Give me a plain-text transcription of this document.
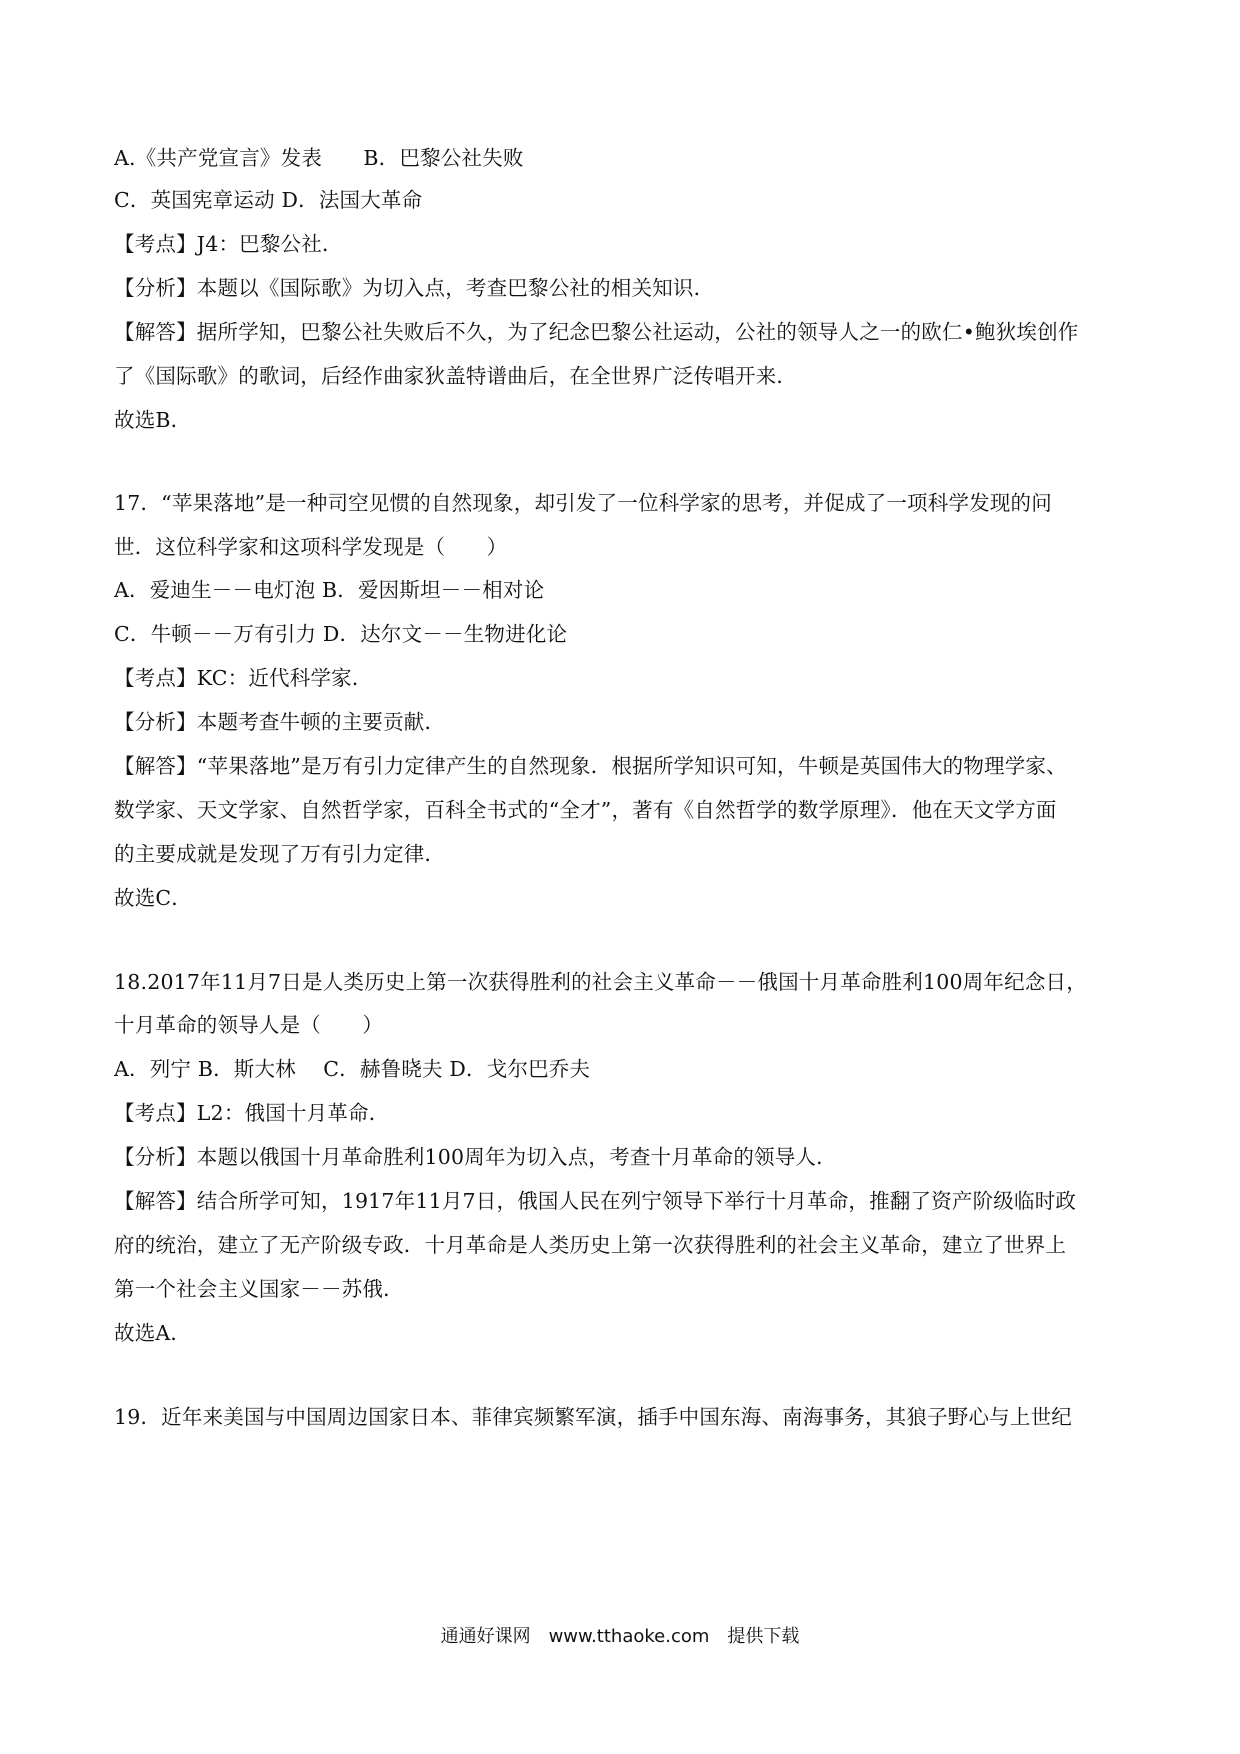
A.《共产党宣言》发表　　B．巴黎公社失败
C．英国宪章运动 D．法国大革命
【考点】J4：巴黎公社．
【分析】本题以《国际歌》为切入点，考查巴黎公社的相关知识．
【解答】据所学知，巴黎公社失败后不久，为了纪念巴黎公社运动，公社的领导人之一的欧仁•鲍狄埃创作
了《国际歌》的歌词，后经作曲家狄盖特谱曲后，在全世界广泛传唱开来．
故选B．
17．“苹果落地”是一种司空见惯的自然现象，却引发了一位科学家的思考，并促成了一项科学发现的问
世．这位科学家和这项科学发现是（　　）
A．爱迪生－－电灯泡 B．爱因斯坦－－相对论
C．牛顿－－万有引力 D．达尔文－－生物进化论
【考点】KC：近代科学家．
【分析】本题考查牛顿的主要贡献．
【解答】“苹果落地”是万有引力定律产生的自然现象．根据所学知识可知，牛顿是英国伟大的物理学家、
数学家、天文学家、自然哲学家，百科全书式的“全才”，著有《自然哲学的数学原理》．他在天文学方面
的主要成就是发现了万有引力定律．
故选C．
18.2017年11月7日是人类历史上第一次获得胜利的社会主义革命－－俄国十月革命胜利100周年纪念日，
十月革命的领导人是（　　）
A．列宁 B．斯大林　 C．赫鲁晓夫 D．戈尔巴乔夫
【考点】L2：俄国十月革命．
【分析】本题以俄国十月革命胜利100周年为切入点，考查十月革命的领导人．
【解答】结合所学可知，1917年11月7日，俄国人民在列宁领导下举行十月革命，推翻了资产阶级临时政
府的统治，建立了无产阶级专政．十月革命是人类历史上第一次获得胜利的社会主义革命，建立了世界上
第一个社会主义国家－－苏俄．
故选A．
19．近年来美国与中国周边国家日本、菲律宾频繁军演，插手中国东海、南海事务，其狼子野心与上世纪
通通好课网　www.tthaoke.com　提供下载
